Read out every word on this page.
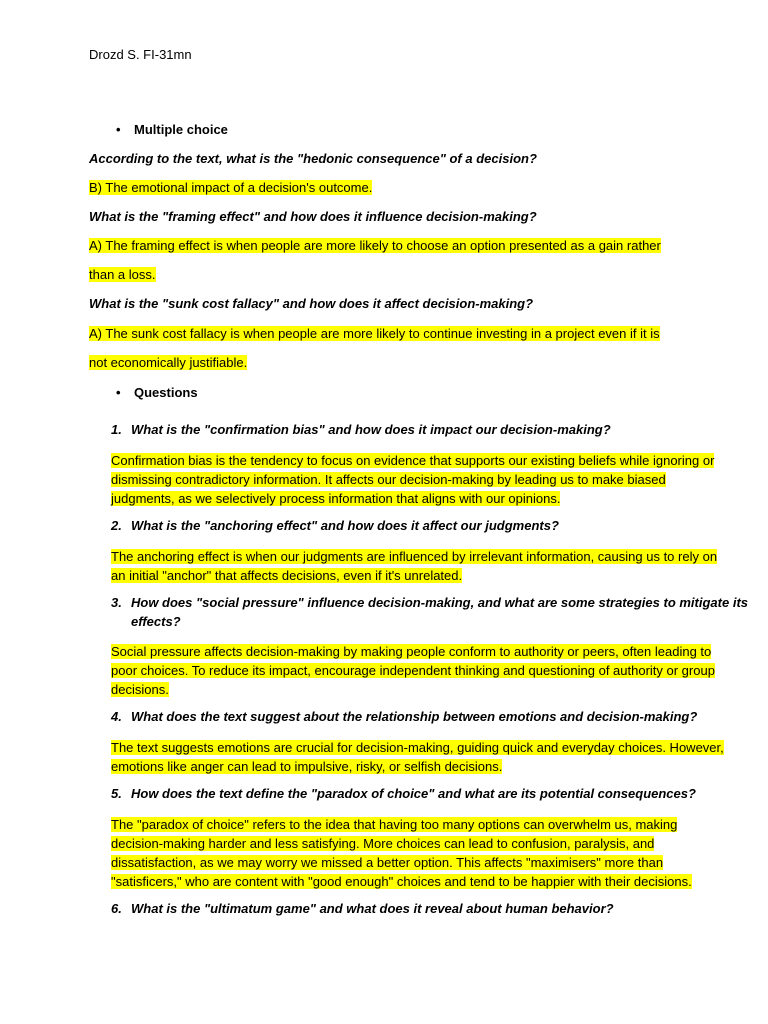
Drozd S. FI-31mn
• Multiple choice
According to the text, what is the "hedonic consequence" of a decision?
B) The emotional impact of a decision's outcome.
What is the "framing effect" and how does it influence decision-making?
A) The framing effect is when people are more likely to choose an option presented as a gain rather
than a loss.
What is the "sunk cost fallacy" and how does it affect decision-making?
A) The sunk cost fallacy is when people are more likely to continue investing in a project even if it is
not economically justifiable.
• Questions
1. What is the "confirmation bias" and how does it impact our decision-making?
Confirmation bias is the tendency to focus on evidence that supports our existing beliefs while ignoring or
dismissing contradictory information. It affects our decision-making by leading us to make biased
judgments, as we selectively process information that aligns with our opinions.
2. What is the "anchoring effect" and how does it affect our judgments?
The anchoring effect is when our judgments are influenced by irrelevant information, causing us to rely on
an initial "anchor" that affects decisions, even if it's unrelated.
3. How does "social pressure" influence decision-making, and what are some strategies to mitigate its
effects?
Social pressure affects decision-making by making people conform to authority or peers, often leading to
poor choices. To reduce its impact, encourage independent thinking and questioning of authority or group
decisions.
4. What does the text suggest about the relationship between emotions and decision-making?
The text suggests emotions are crucial for decision-making, guiding quick and everyday choices. However,
emotions like anger can lead to impulsive, risky, or selfish decisions.
5. How does the text define the "paradox of choice" and what are its potential consequences?
The "paradox of choice" refers to the idea that having too many options can overwhelm us, making
decision-making harder and less satisfying. More choices can lead to confusion, paralysis, and
dissatisfaction, as we may worry we missed a better option. This affects "maximisers" more than
"satisficers," who are content with "good enough" choices and tend to be happier with their decisions.
6. What is the "ultimatum game" and what does it reveal about human behavior?
